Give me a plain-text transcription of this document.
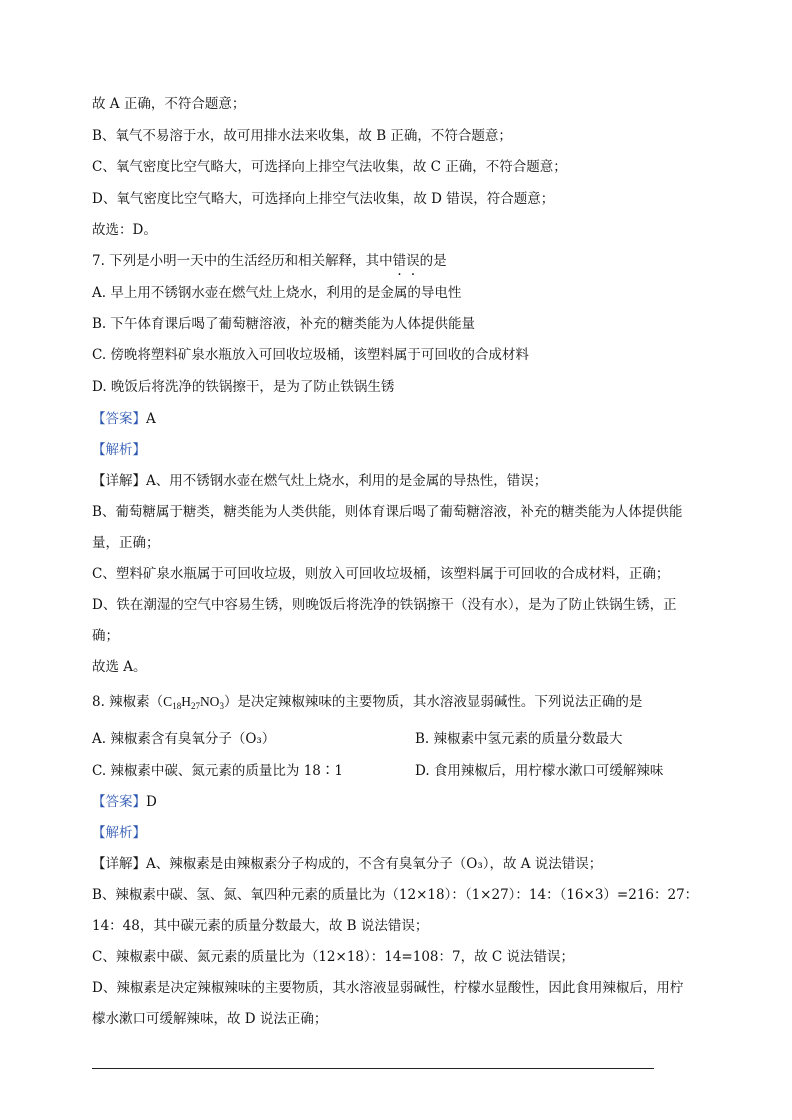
故 A 正确，不符合题意；
B、氧气不易溶于水，故可用排水法来收集，故 B 正确，不符合题意；
C、氧气密度比空气略大，可选择向上排空气法收集，故 C 正确，不符合题意；
D、氧气密度比空气略大，可选择向上排空气法收集，故 D 错误，符合题意；
故选：D。
7. 下列是小明一天中的生活经历和相关解释，其中错误的是
A. 早上用不锈钢水壶在燃气灶上烧水，利用的是金属的导电性
B. 下午体育课后喝了葡萄糖溶液，补充的糖类能为人体提供能量
C. 傍晚将塑料矿泉水瓶放入可回收垃圾桶，该塑料属于可回收的合成材料
D. 晚饭后将洗净的铁锅擦干，是为了防止铁锅生锈
【答案】A
【解析】
【详解】A、用不锈钢水壶在燃气灶上烧水，利用的是金属的导热性，错误；
B、葡萄糖属于糖类，糖类能为人类供能，则体育课后喝了葡萄糖溶液，补充的糖类能为人体提供能
量，正确；
C、塑料矿泉水瓶属于可回收垃圾，则放入可回收垃圾桶，该塑料属于可回收的合成材料，正确；
D、铁在潮湿的空气中容易生锈，则晚饭后将洗净的铁锅擦干（没有水），是为了防止铁锅生锈，正
确；
故选 A。
8. 辣椒素$(C_{18}H_{27}NO_3)$是决定辣椒辣味的主要物质，其水溶液显弱碱性。下列说法正确的是
A. 辣椒素含有臭氧分子（O₃）	B. 辣椒素中氢元素的质量分数最大
C. 辣椒素中碳、氮元素的质量比为 18∶1	D. 食用辣椒后，用柠檬水漱口可缓解辣味
【答案】D
【解析】
【详解】A、辣椒素是由辣椒素分子构成的，不含有臭氧分子（O₃），故 A 说法错误；
B、辣椒素中碳、氢、氮、氧四种元素的质量比为（12×18）：（1×27）：14：（16×3）=216：27：
14：48，其中碳元素的质量分数最大，故 B 说法错误；
C、辣椒素中碳、氮元素的质量比为（12×18）：14=108：7，故 C 说法错误；
D、辣椒素是决定辣椒辣味的主要物质，其水溶液显弱碱性，柠檬水显酸性，因此食用辣椒后，用柠
檬水漱口可缓解辣味，故 D 说法正确；
